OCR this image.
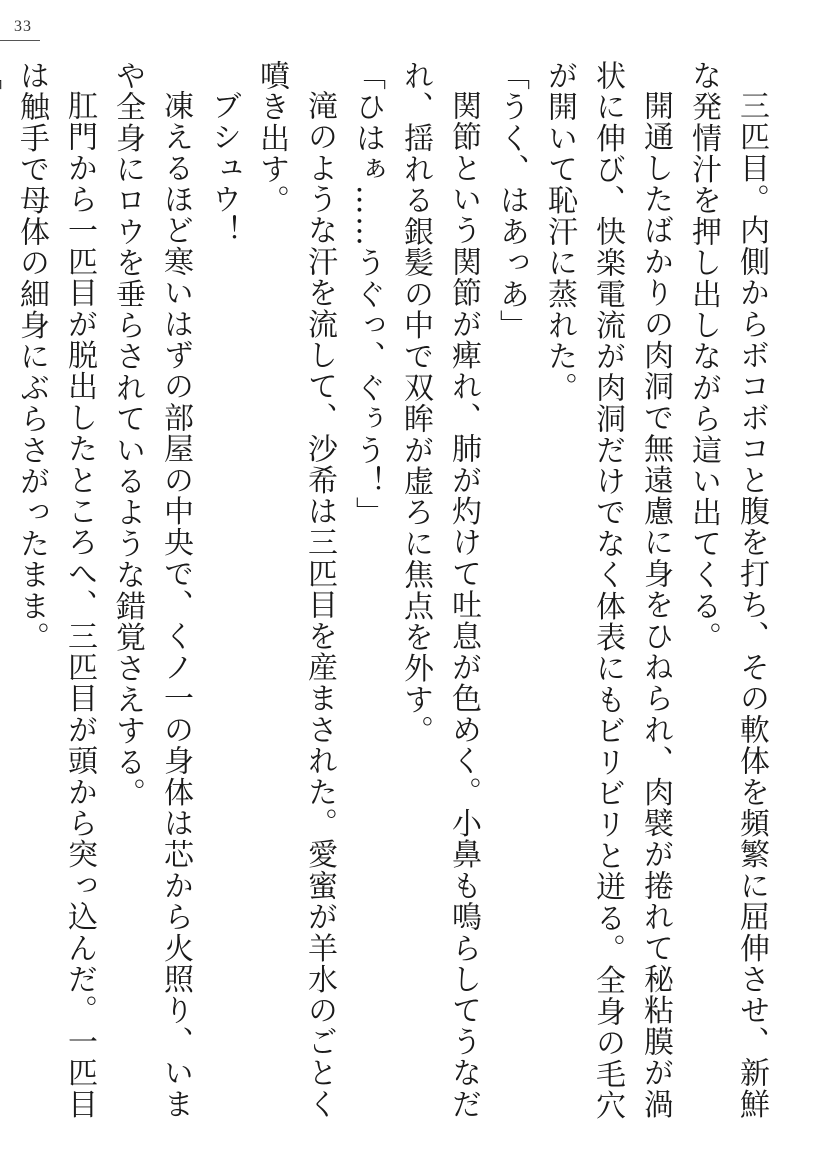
33

三匹目。内側からボコボコと腹を打ち、その軟体を頻繁に屈伸させ、新鮮な発情汁を押し出しながら這い出てくる。

開通したばかりの肉洞で無遠慮に身をひねられ、肉襞が捲れて秘粘膜が渦状に伸び、快楽電流が肉洞だけでなく体表にもビリビリと迸る。全身の毛穴が開いて恥汗に蒸れた。

「うく、はあっあ」

関節という関節が痺れ、肺が灼けて吐息が色めく。小鼻も鳴らしてうなだれ、揺れる銀髪の中で双眸が虚ろに焦点を外す。

「ひはぁ……うぐっ、ぐぅう！」

滝のような汗を流して、沙希は三匹目を産まされた。愛蜜が羊水のごとく噴き出す。

ブシュウ！

凍えるほど寒いはずの部屋の中央で、くノ一の身体は芯から火照り、いまや全身にロウを垂らされているような錯覚さえする。

肛門から一匹目が脱出したところへ、三匹目が頭から突っ込んだ。一匹目は触手で母体の細身にぶらさがったまま。
